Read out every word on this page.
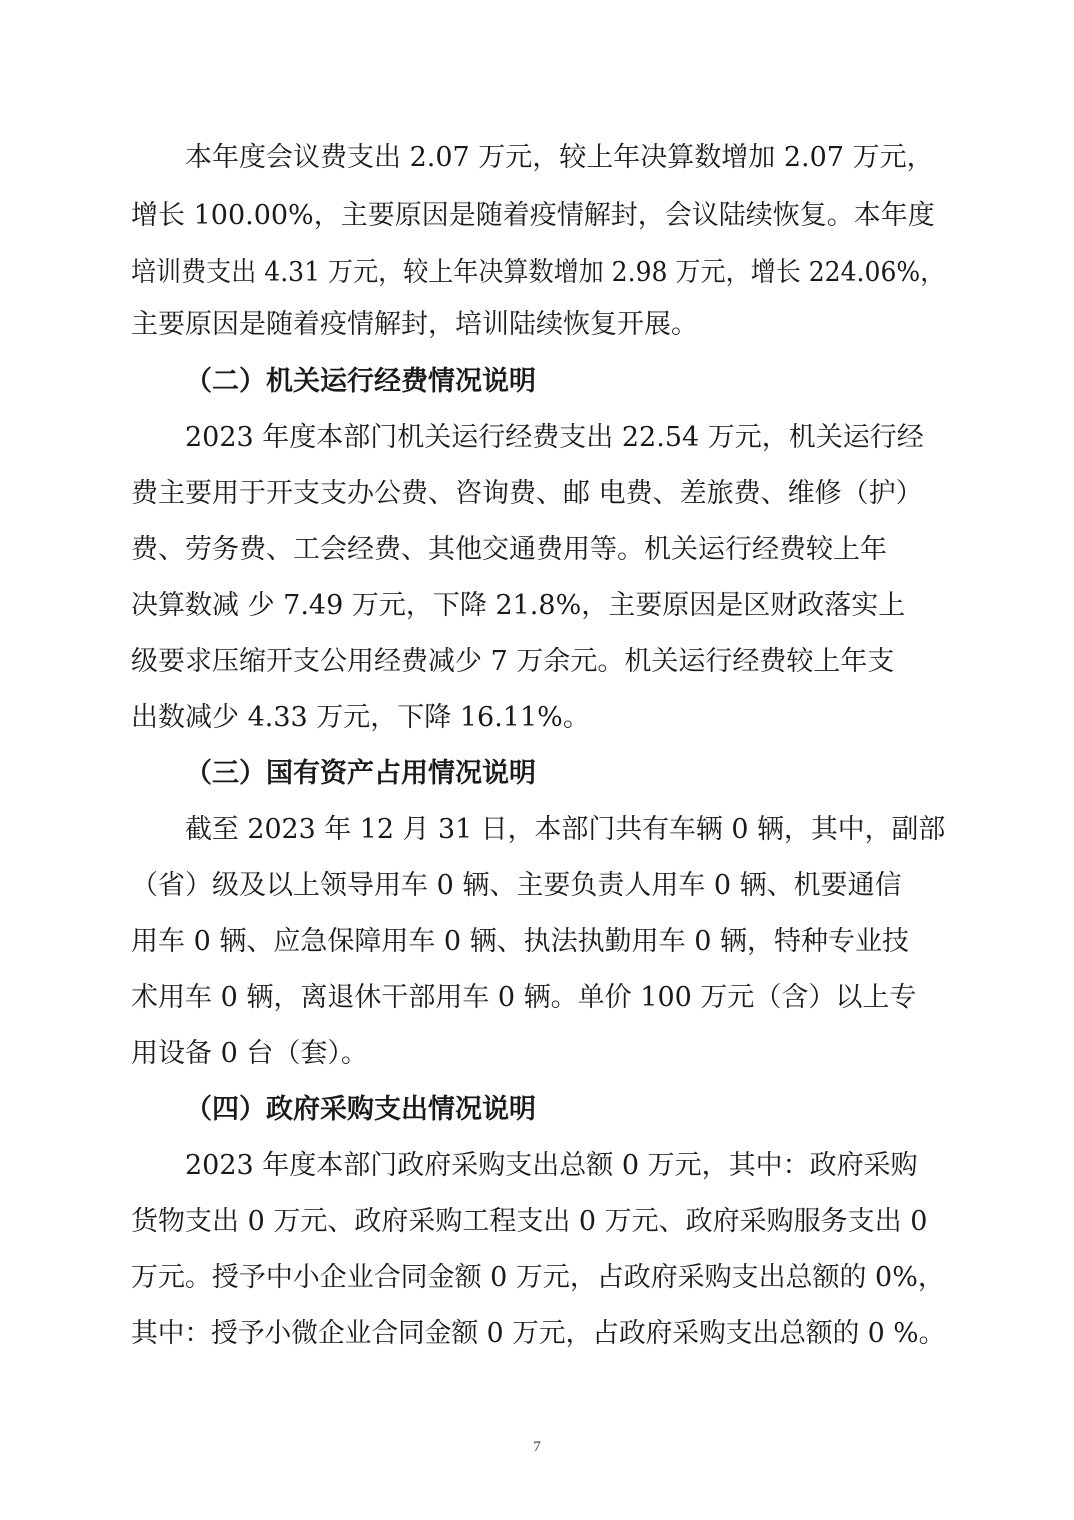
本年度会议费支出 2.07 万元，较上年决算数增加 2.07 万元，
增长 100.00%，主要原因是随着疫情解封，会议陆续恢复。本年度
培训费支出 4.31 万元，较上年决算数增加 2.98 万元，增长 224.06%，
主要原因是随着疫情解封，培训陆续恢复开展。
（二）机关运行经费情况说明
2023 年度本部门机关运行经费支出 22.54 万元，机关运行经
费主要用于开支支办公费、咨询费、邮 电费、差旅费、维修（护）
费、劳务费、工会经费、其他交通费用等。机关运行经费较上年
决算数减 少 7.49 万元，下降 21.8%，主要原因是区财政落实上
级要求压缩开支公用经费减少 7 万余元。机关运行经费较上年支
出数减少 4.33 万元，下降 16.11%。
（三）国有资产占用情况说明
截至 2023 年 12 月 31 日，本部门共有车辆 0 辆，其中，副部
（省）级及以上领导用车 0 辆、主要负责人用车 0 辆、机要通信
用车 0 辆、应急保障用车 0 辆、执法执勤用车 0 辆，特种专业技
术用车 0 辆，离退休干部用车 0 辆。单价 100 万元（含）以上专
用设备 0 台（套）。
（四）政府采购支出情况说明
2023 年度本部门政府采购支出总额 0 万元，其中：政府采购
货物支出 0 万元、政府采购工程支出 0 万元、政府采购服务支出 0
万元。授予中小企业合同金额 0 万元，占政府采购支出总额的 0%，
其中：授予小微企业合同金额 0 万元，占政府采购支出总额的 0 %。
7
